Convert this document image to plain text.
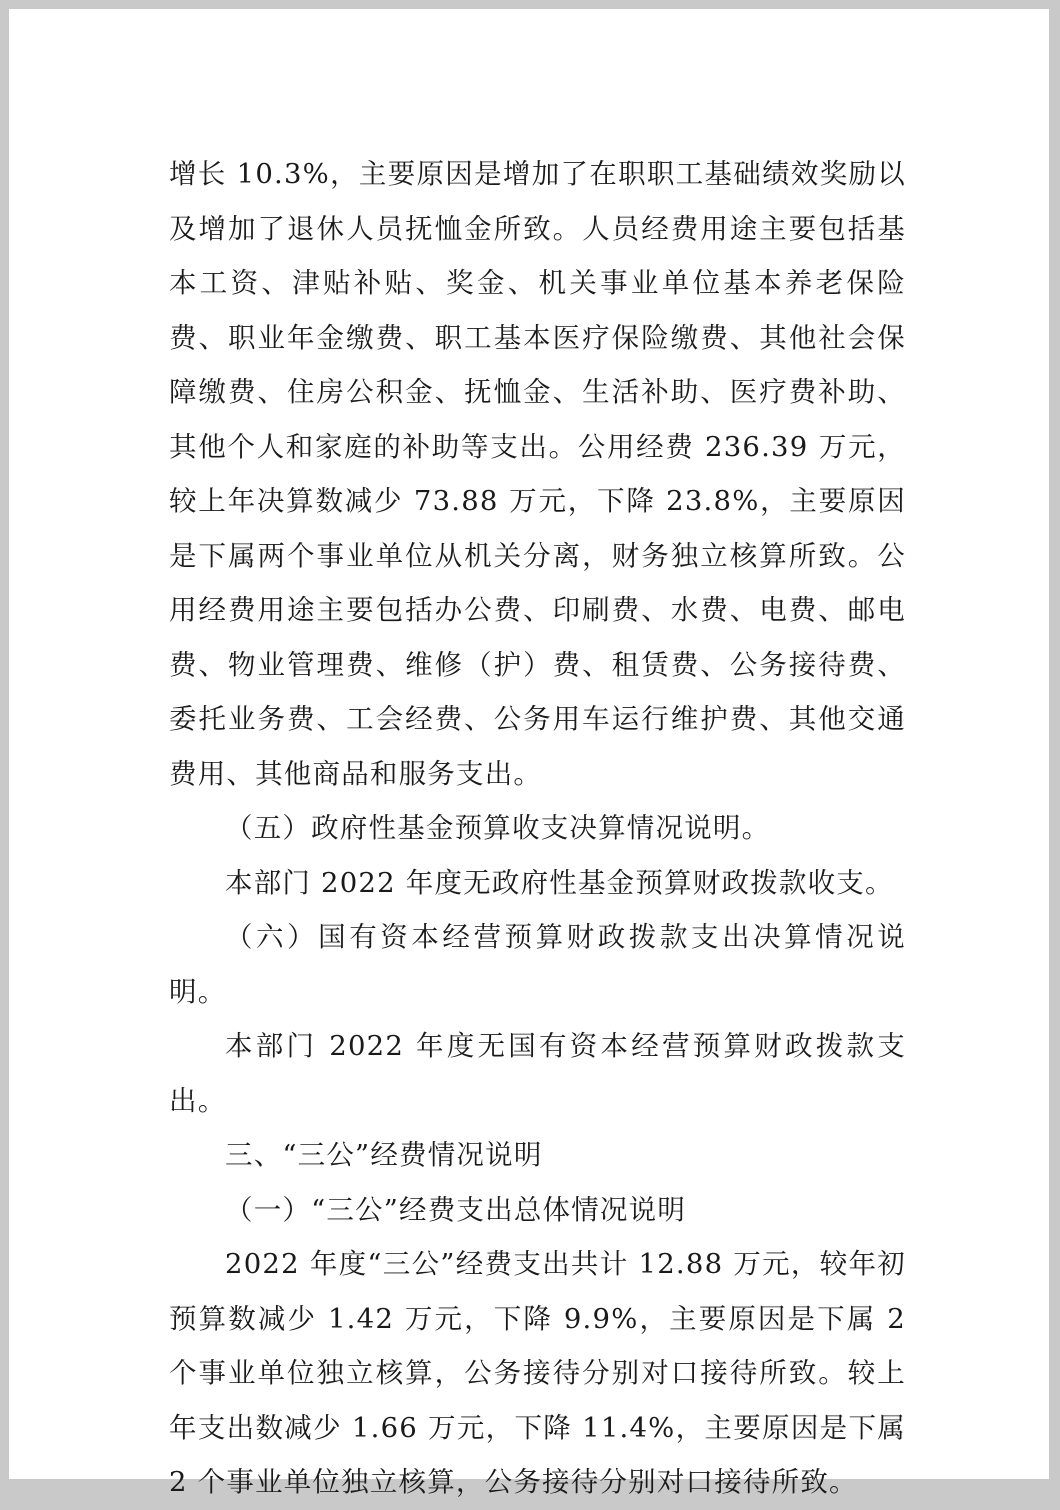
增长 10.3%，主要原因是增加了在职职工基础绩效奖励以及增加了退休人员抚恤金所致。人员经费用途主要包括基本工资、津贴补贴、奖金、机关事业单位基本养老保险费、职业年金缴费、职工基本医疗保险缴费、其他社会保障缴费、住房公积金、抚恤金、生活补助、医疗费补助、其他个人和家庭的补助等支出。公用经费 236.39 万元，较上年决算数减少 73.88 万元，下降 23.8%，主要原因是下属两个事业单位从机关分离，财务独立核算所致。公用经费用途主要包括办公费、印刷费、水费、电费、邮电费、物业管理费、维修（护）费、租赁费、公务接待费、委托业务费、工会经费、公务用车运行维护费、其他交通费用、其他商品和服务支出。

（五）政府性基金预算收支决算情况说明。

本部门 2022 年度无政府性基金预算财政拨款收支。

（六）国有资本经营预算财政拨款支出决算情况说明。

本部门 2022 年度无国有资本经营预算财政拨款支出。

三、“三公”经费情况说明

（一）“三公”经费支出总体情况说明

2022 年度“三公”经费支出共计 12.88 万元，较年初预算数减少 1.42 万元，下降 9.9%，主要原因是下属 2 个事业单位独立核算，公务接待分别对口接待所致。较上年支出数减少 1.66 万元，下降 11.4%，主要原因是下属 2 个事业单位独立核算，公务接待分别对口接待所致。
